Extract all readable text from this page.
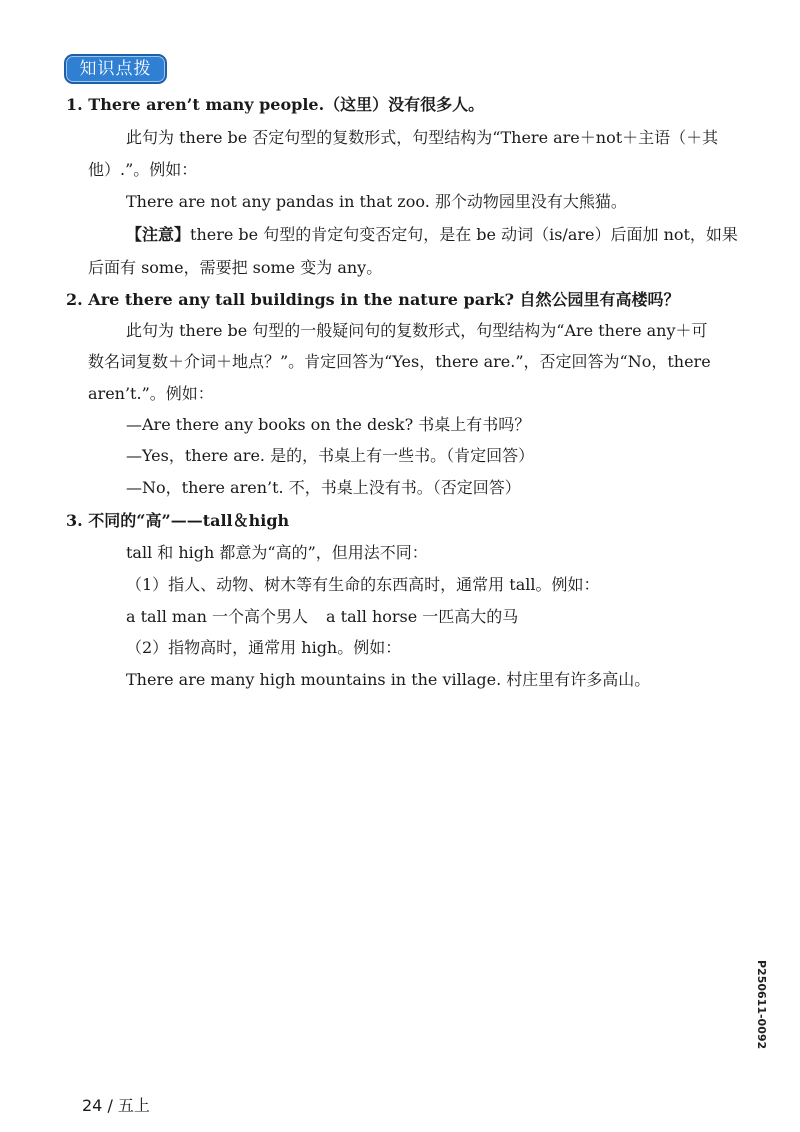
知识点拨
1. There aren’t many people.（这里）没有很多人。
此句为 there be 否定句型的复数形式，句型结构为“There are＋not＋主语（＋其
他）.”。例如：
There are not any pandas in that zoo. 那个动物园里没有大熊猫。
【注意】there be 句型的肯定句变否定句，是在 be 动词（is/are）后面加 not，如果
后面有 some，需要把 some 变为 any。
2. Are there any tall buildings in the nature park? 自然公园里有高楼吗？
此句为 there be 句型的一般疑问句的复数形式，句型结构为“Are there any＋可
数名词复数＋介词＋地点？”。肯定回答为“Yes，there are.”，否定回答为“No，there
aren’t.”。例如：
—Are there any books on the desk? 书桌上有书吗？
—Yes，there are. 是的，书桌上有一些书。（肯定回答）
—No，there aren’t. 不，书桌上没有书。（否定回答）
3. 不同的“高”——tall＆high
tall 和 high 都意为“高的”，但用法不同：
（1）指人、动物、树木等有生命的东西高时，通常用 tall。例如：
a tall man 一个高个男人 a tall horse 一匹高大的马
（2）指物高时，通常用 high。例如：
There are many high mountains in the village. 村庄里有许多高山。
P250611-0092
24 / 五上
